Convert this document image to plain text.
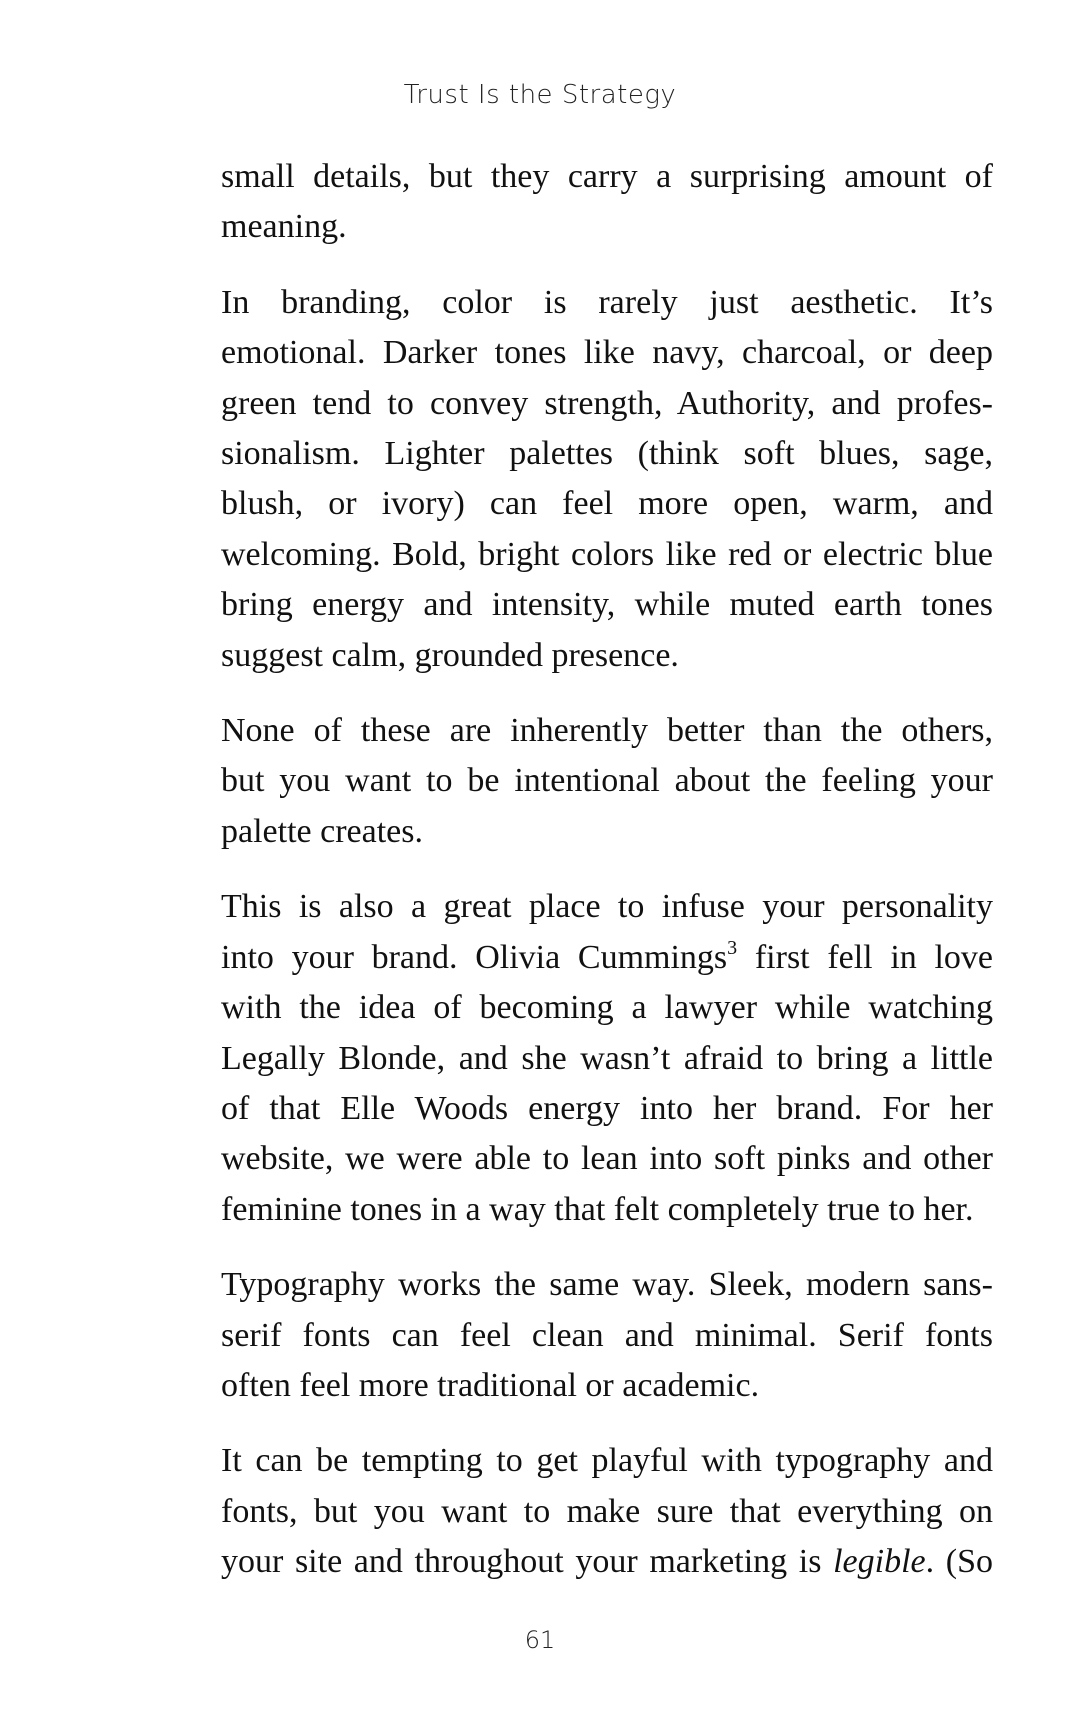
Trust Is the Strategy

small details, but they carry a surprising amount of
meaning.

In branding, color is rarely just aesthetic. It’s
emotional. Darker tones like navy, charcoal, or deep
green tend to convey strength, Authority, and profes-
sionalism. Lighter palettes (think soft blues, sage,
blush, or ivory) can feel more open, warm, and
welcoming. Bold, bright colors like red or electric blue
bring energy and intensity, while muted earth tones
suggest calm, grounded presence.

None of these are inherently better than the others,
but you want to be intentional about the feeling your
palette creates.

This is also a great place to infuse your personality
into your brand. Olivia Cummings$^3$ first fell in love
with the idea of becoming a lawyer while watching
Legally Blonde, and she wasn’t afraid to bring a little
of that Elle Woods energy into her brand. For her
website, we were able to lean into soft pinks and other
feminine tones in a way that felt completely true to her.

Typography works the same way. Sleek, modern sans-
serif fonts can feel clean and minimal. Serif fonts
often feel more traditional or academic.

It can be tempting to get playful with typography and
fonts, but you want to make sure that everything on
your site and throughout your marketing is legible. (So

61
